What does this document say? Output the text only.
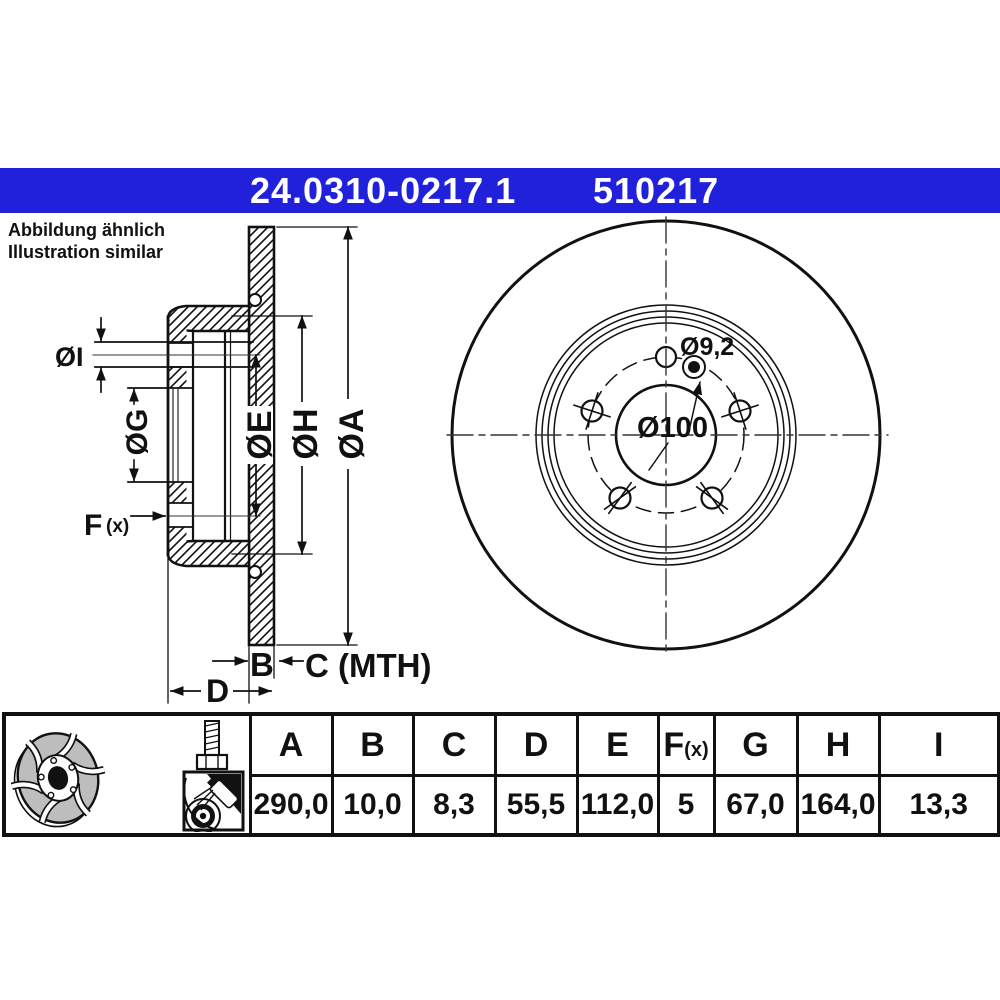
24.0310-0217.1 510217
Abbildung ähnlich
Illustration similar
ØI
ØG	ØE ØH ØA
F (x)
B C (MTH)
D
Ø9,2
Ø100
	A	B	C	D	E	F(x)	G	H	I
	290,0	10,0	8,3	55,5	112,0	5	67,0	164,0	13,3
